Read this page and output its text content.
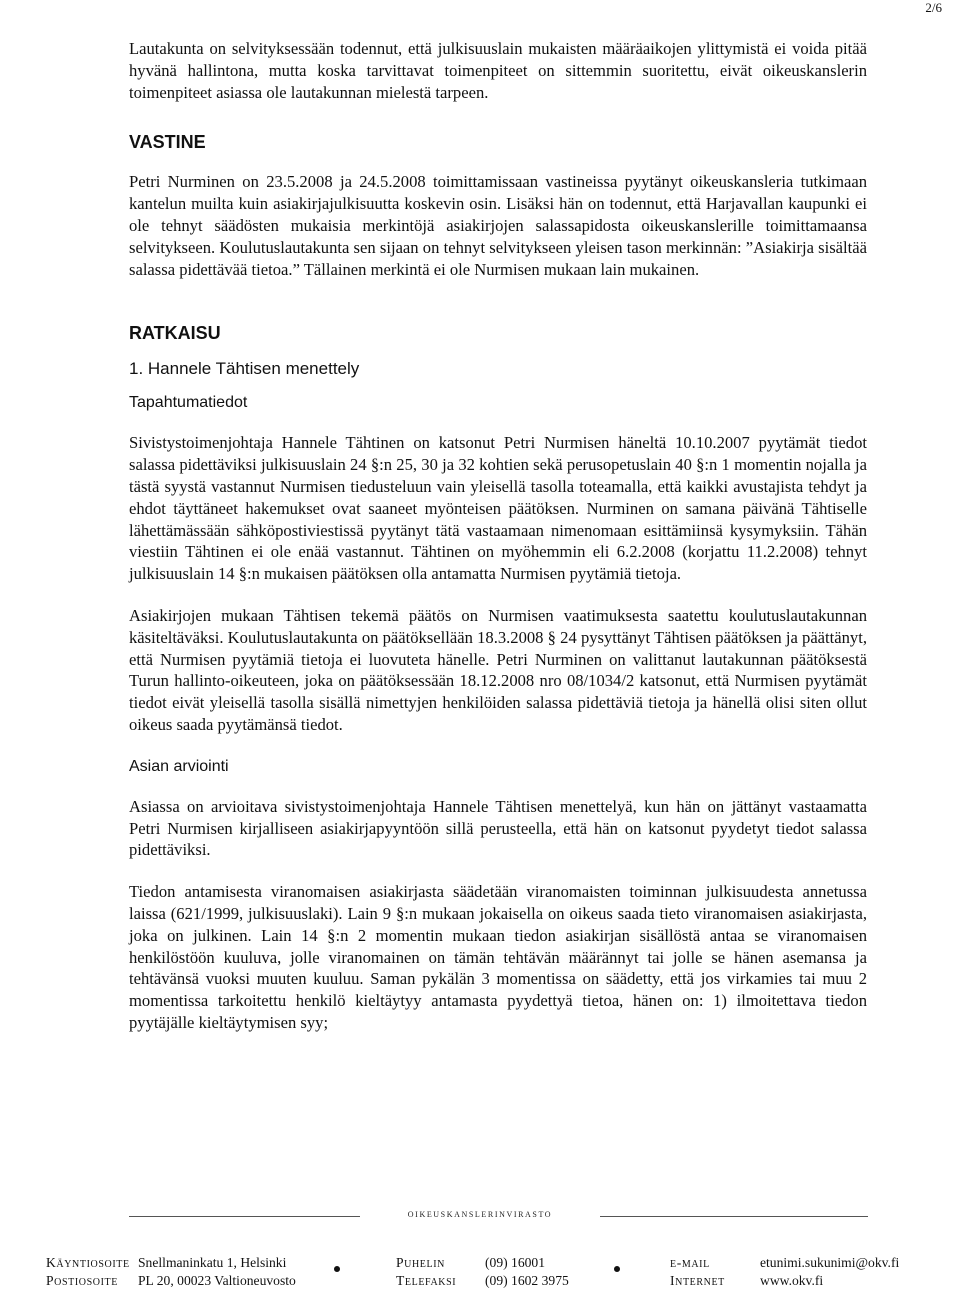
2/6

Lautakunta on selvityksessään todennut, että julkisuuslain mukaisten määräaikojen ylittymistä ei voida pitää hyvänä hallintona, mutta koska tarvittavat toimenpiteet on sittemmin suoritettu, eivät oikeuskanslerin toimenpiteet asiassa ole lautakunnan mielestä tarpeen.

VASTINE

Petri Nurminen on 23.5.2008 ja 24.5.2008 toimittamissaan vastineissa pyytänyt oikeuskansleria tutkimaan kantelun muilta kuin asiakirjajulkisuutta koskevin osin. Lisäksi hän on todennut, että Harjavallan kaupunki ei ole tehnyt säädösten mukaisia merkintöjä asiakirjojen salassapidosta oikeuskanslerille toimittamaansa selvitykseen. Koulutuslautakunta sen sijaan on tehnyt selvitykseen yleisen tason merkinnän: ”Asiakirja sisältää salassa pidettävää tietoa.” Tällainen merkintä ei ole Nurmisen mukaan lain mukainen.

RATKAISU
1. Hannele Tähtisen menettely
Tapahtumatiedot

Sivistystoimenjohtaja Hannele Tähtinen on katsonut Petri Nurmisen häneltä 10.10.2007 pyytämät tiedot salassa pidettäviksi julkisuuslain 24 §:n 25, 30 ja 32 kohtien sekä perusopetuslain 40 §:n 1 momentin nojalla ja tästä syystä vastannut Nurmisen tiedusteluun vain yleisellä tasolla toteamalla, että kaikki avustajista tehdyt ja ehdot täyttäneet hakemukset ovat saaneet myönteisen päätöksen. Nurminen on samana päivänä Tähtiselle lähettämässään sähköpostiviestissä pyytänyt tätä vastaamaan nimenomaan esittämiinsä kysymyksiin. Tähän viestiin Tähtinen ei ole enää vastannut. Tähtinen on myöhemmin eli 6.2.2008 (korjattu 11.2.2008) tehnyt julkisuuslain 14 §:n mukaisen päätöksen olla antamatta Nurmisen pyytämiä tietoja.

Asiakirjojen mukaan Tähtisen tekemä päätös on Nurmisen vaatimuksesta saatettu koulutuslautakunnan käsiteltäväksi. Koulutuslautakunta on päätöksellään 18.3.2008 § 24 pysyttänyt Tähtisen päätöksen ja päättänyt, että Nurmisen pyytämiä tietoja ei luovuteta hänelle. Petri Nurminen on valittanut lautakunnan päätöksestä Turun hallinto-oikeuteen, joka on päätöksessään 18.12.2008 nro 08/1034/2 katsonut, että Nurmisen pyytämät tiedot eivät yleisellä tasolla sisällä nimettyjen henkilöiden salassa pidettäviä tietoja ja hänellä olisi siten ollut oikeus saada pyytämänsä tiedot.

Asian arviointi

Asiassa on arvioitava sivistystoimenjohtaja Hannele Tähtisen menettelyä, kun hän on jättänyt vastaamatta Petri Nurmisen kirjalliseen asiakirjapyyntöön sillä perusteella, että hän on katsonut pyydetyt tiedot salassa pidettäviksi.

Tiedon antamisesta viranomaisen asiakirjasta säädetään viranomaisten toiminnan julkisuudesta annetussa laissa (621/1999, julkisuuslaki). Lain 9 §:n mukaan jokaisella on oikeus saada tieto viranomaisen asiakirjasta, joka on julkinen. Lain 14 §:n 2 momentin mukaan tiedon asiakirjan sisällöstä antaa se viranomaisen henkilöstöön kuuluva, jolle viranomainen on tämän tehtävän määrännyt tai jolle se hänen asemansa ja tehtävänsä vuoksi muuten kuuluu. Saman pykälän 3 momentissa on säädetty, että jos virkamies tai muu 2 momentissa tarkoitettu henkilö kieltäytyy antamasta pyydettyä tietoa, hänen on: 1) ilmoitettava tiedon pyytäjälle kieltäytymisen syy;

oikeuskanslerinvirasto
Käyntiosoite
Postiosoite
Snellmaninkatu 1, Helsinki
PL 20, 00023 Valtioneuvosto
Puhelin
Telefaksi
(09) 16001
(09) 1602 3975
e-mail
Internet
etunimi.sukunimi@okv.fi
www.okv.fi
